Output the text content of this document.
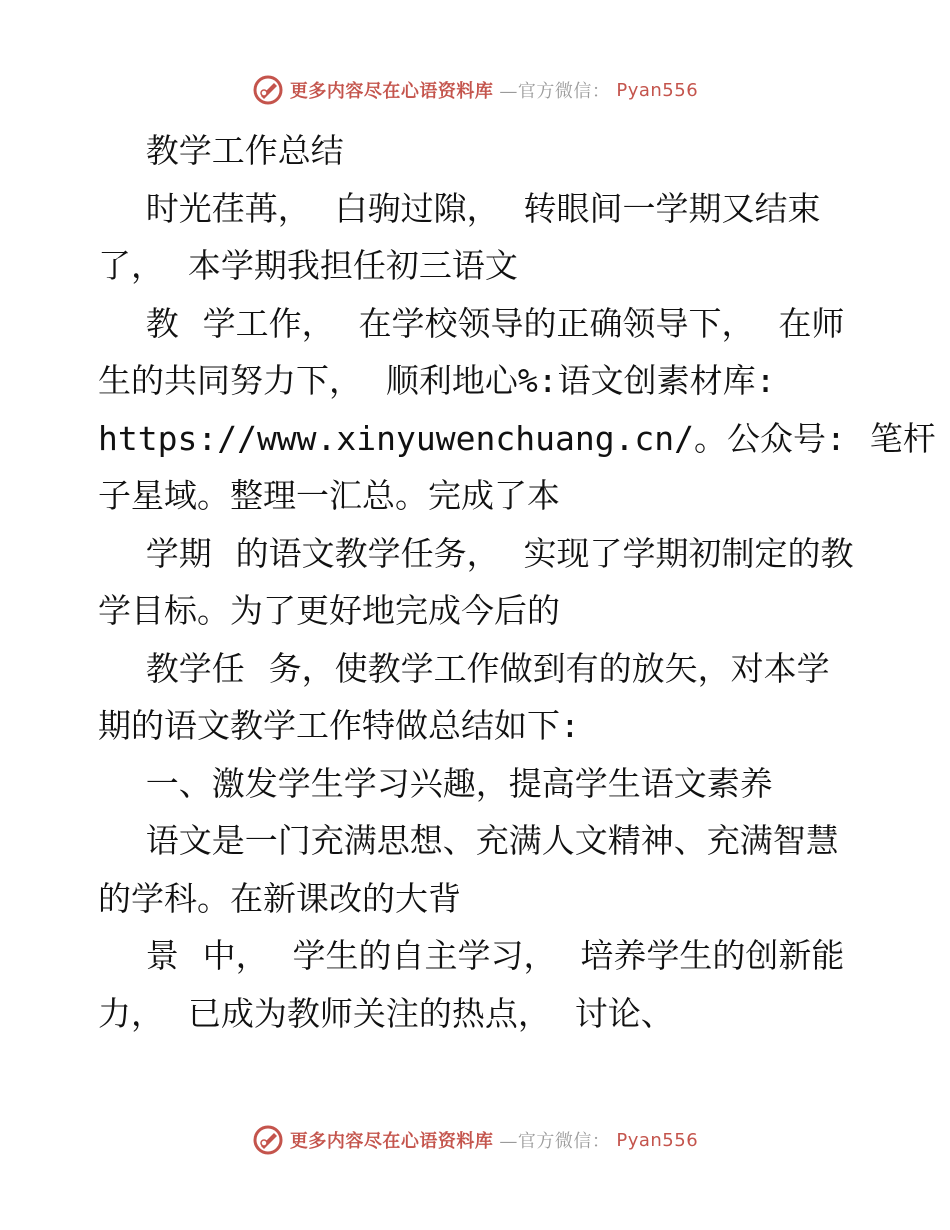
更多内容尽在心语资料库 —官方微信： Pyan556

教学工作总结

时光荏苒， 白驹过隙， 转眼间一学期又结束

了， 本学期我担任初三语文

教 学工作， 在学校领导的正确领导下， 在师

生的共同努力下， 顺利地心%:语文创素材库:

https://www.xinyuwenchuang.cn/。公众号: 笔杆

子星域。整理一汇总。完成了本

学期 的语文教学任务， 实现了学期初制定的教

学目标。为了更好地完成今后的

教学任 务，使教学工作做到有的放矢，对本学

期的语文教学工作特做总结如下:

一、激发学生学习兴趣，提高学生语文素养

语文是一门充满思想、充满人文精神、充满智慧

的学科。在新课改的大背

景 中， 学生的自主学习， 培养学生的创新能

力， 已成为教师关注的热点， 讨论、

更多内容尽在心语资料库 —官方微信： Pyan556
